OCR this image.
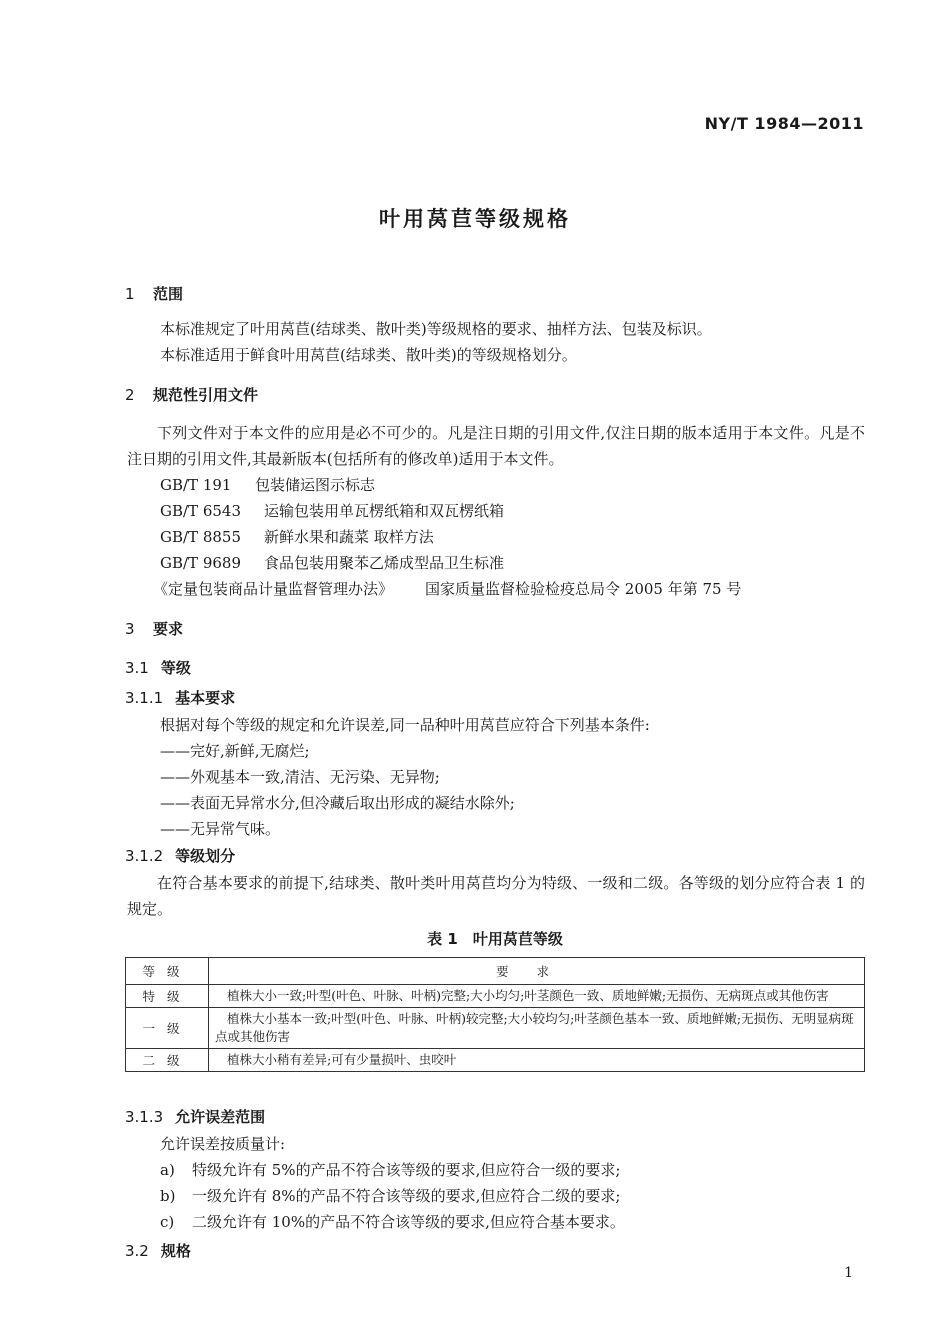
NY/T 1984—2011
叶用莴苣等级规格
1 范围
本标准规定了叶用莴苣(结球类、散叶类)等级规格的要求、抽样方法、包装及标识。
本标准适用于鲜食叶用莴苣(结球类、散叶类)的等级规格划分。
2 规范性引用文件
下列文件对于本文件的应用是必不可少的。凡是注日期的引用文件,仅注日期的版本适用于本文件。凡是不注日期的引用文件,其最新版本(包括所有的修改单)适用于本文件。
GB/T 191 包装储运图示标志
GB/T 6543 运输包装用单瓦楞纸箱和双瓦楞纸箱
GB/T 8855 新鲜水果和蔬菜 取样方法
GB/T 9689 食品包装用聚苯乙烯成型品卫生标准
《定量包装商品计量监督管理办法》 国家质量监督检验检疫总局令 2005 年第 75 号
3 要求
3.1 等级
3.1.1 基本要求
根据对每个等级的规定和允许误差,同一品种叶用莴苣应符合下列基本条件:
——完好,新鲜,无腐烂;
——外观基本一致,清洁、无污染、无异物;
——表面无异常水分,但冷藏后取出形成的凝结水除外;
——无异常气味。
3.1.2 等级划分
在符合基本要求的前提下,结球类、散叶类叶用莴苣均分为特级、一级和二级。各等级的划分应符合表 1 的规定。
表 1　叶用莴苣等级
等级	要求
特级	植株大小一致;叶型(叶色、叶脉、叶柄)完整;大小均匀;叶茎颜色一致、质地鲜嫩;无损伤、无病斑点或其他伤害
一级	植株大小基本一致;叶型(叶色、叶脉、叶柄)较完整;大小较均匀;叶茎颜色基本一致、质地鲜嫩;无损伤、无明显病斑点或其他伤害
二级	植株大小稍有差异;可有少量损叶、虫咬叶
3.1.3 允许误差范围
允许误差按质量计:
a) 特级允许有 5%的产品不符合该等级的要求,但应符合一级的要求;
b) 一级允许有 8%的产品不符合该等级的要求,但应符合二级的要求;
c) 二级允许有 10%的产品不符合该等级的要求,但应符合基本要求。
3.2 规格
1
